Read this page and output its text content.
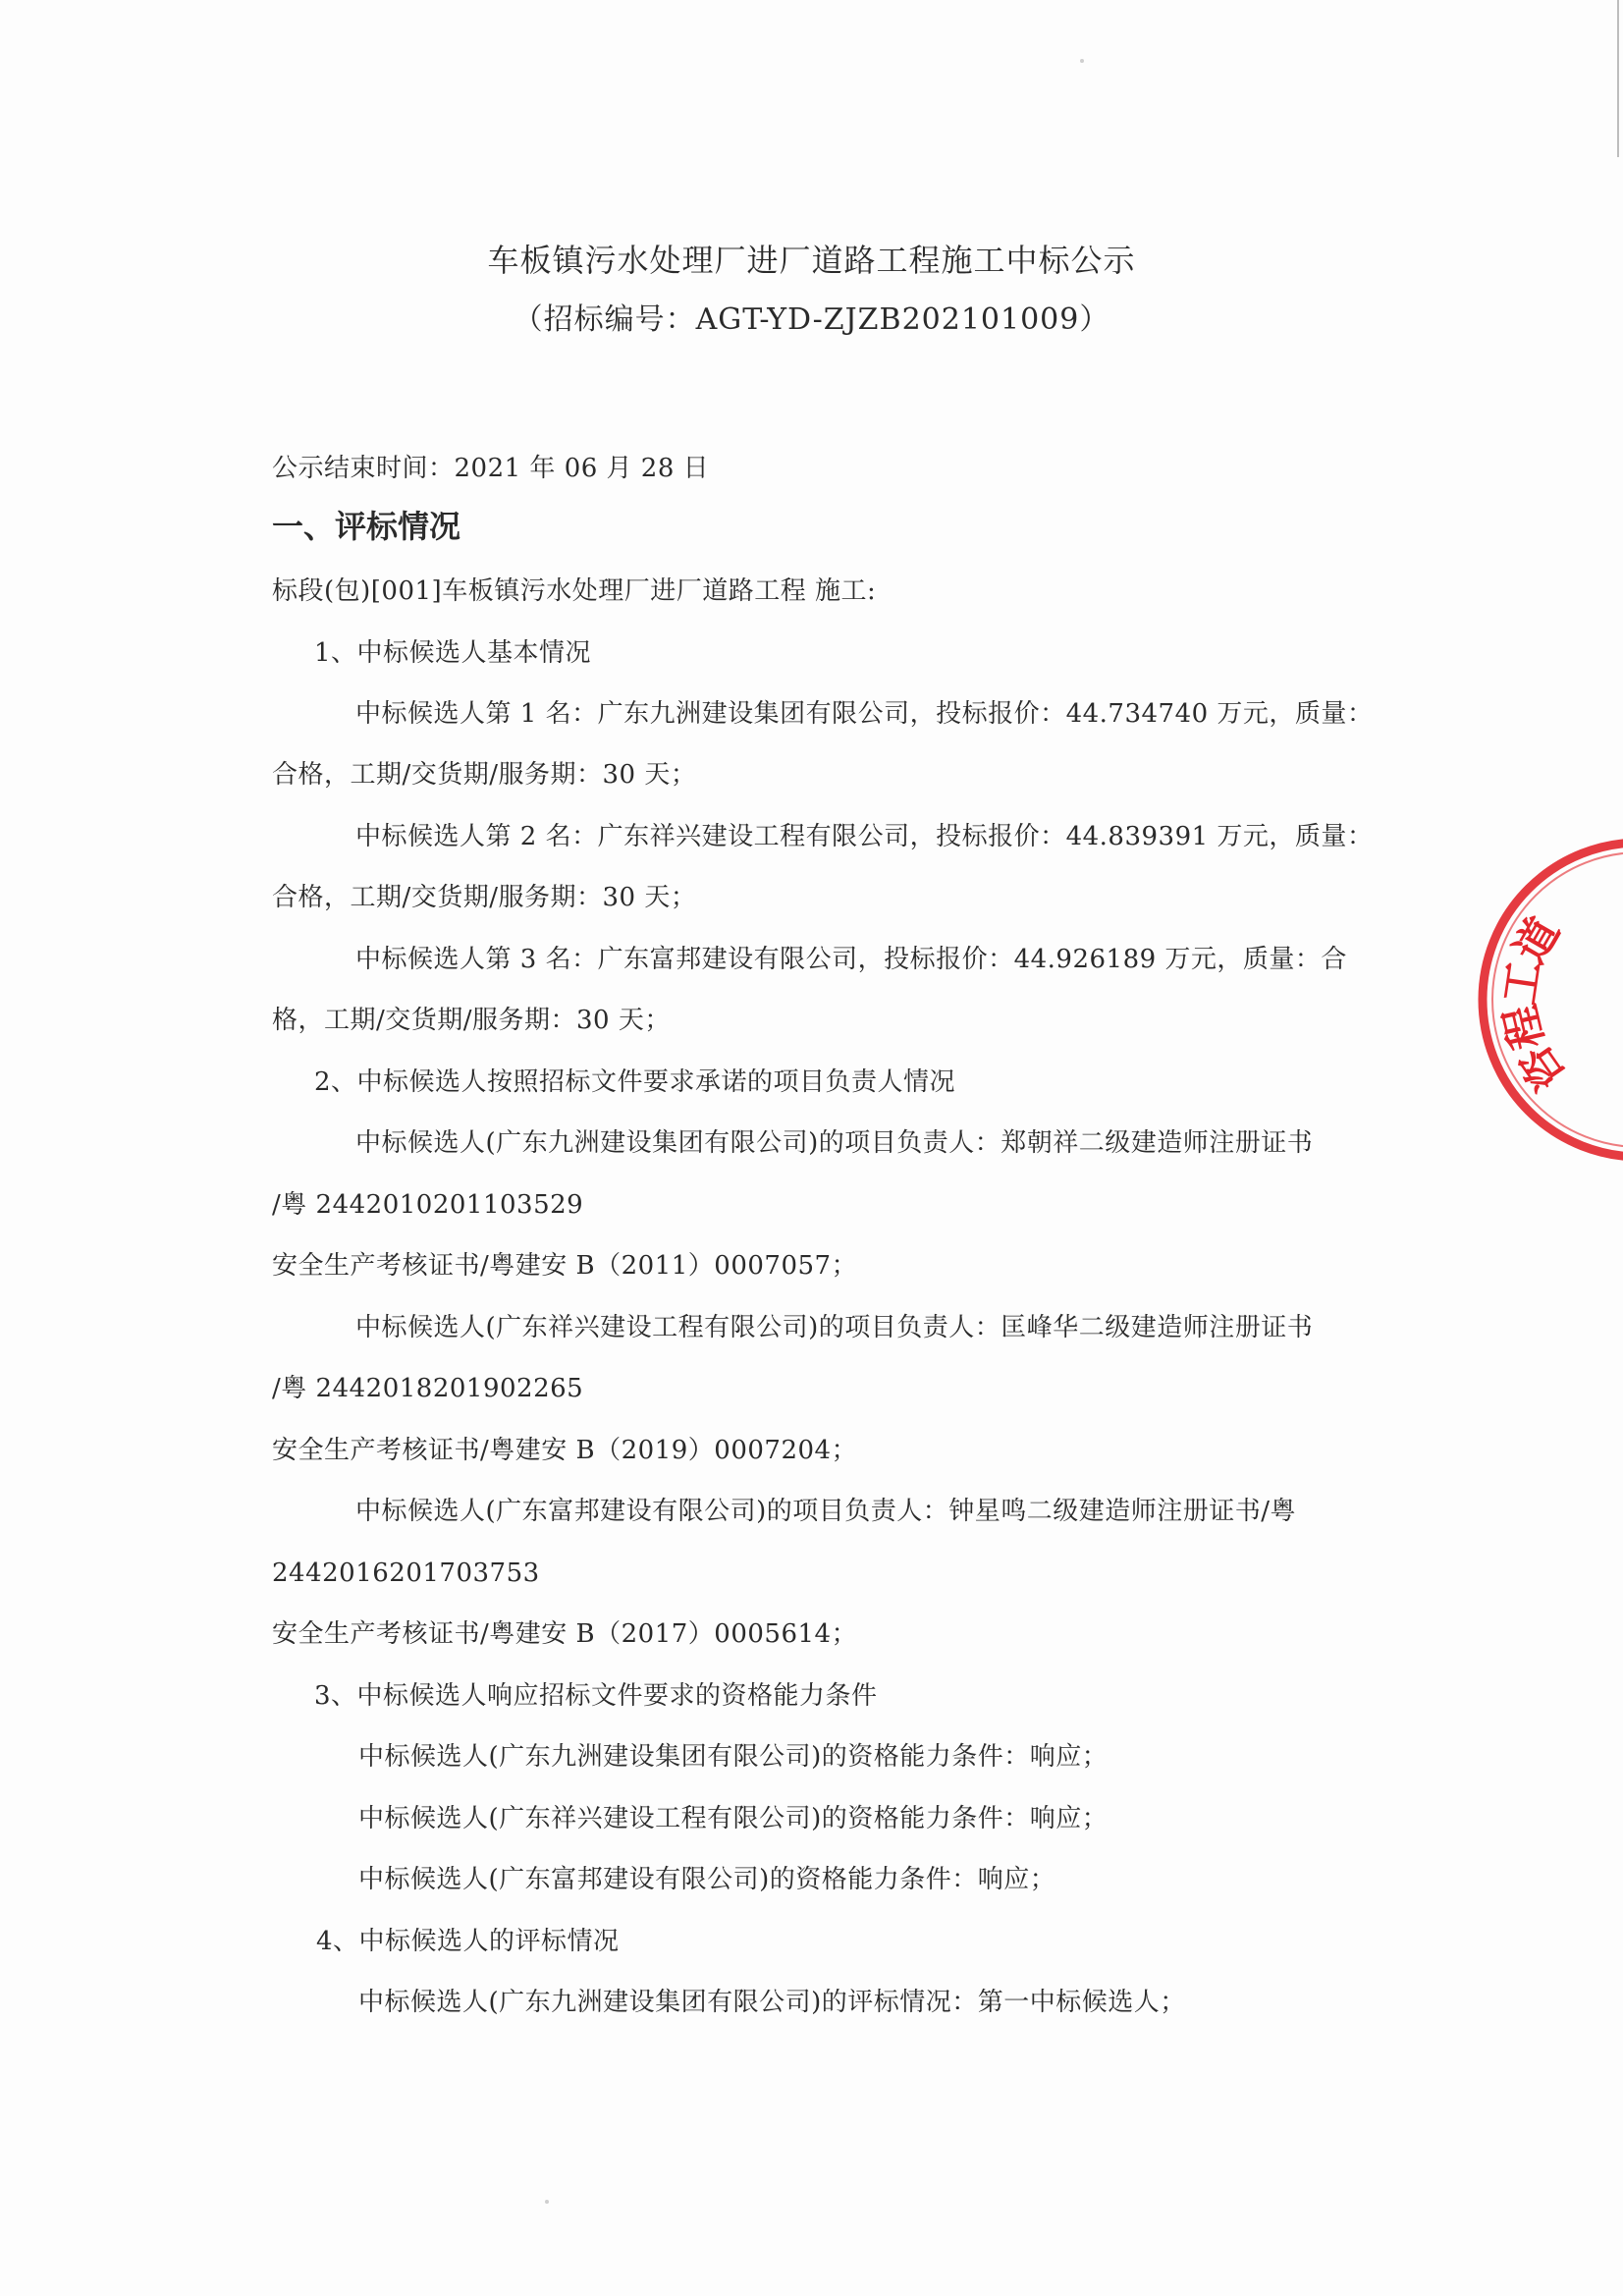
车板镇污水处理厂进厂道路工程施工中标公示
（招标编号：AGT-YD-ZJZB202101009）
公示结束时间：2021 年 06 月 28 日
一、评标情况
标段(包)[001]车板镇污水处理厂进厂道路工程 施工:
1、中标候选人基本情况
中标候选人第 1 名：广东九洲建设集团有限公司，投标报价：44.734740 万元，质量：
合格，工期/交货期/服务期：30 天；
中标候选人第 2 名：广东祥兴建设工程有限公司，投标报价：44.839391 万元，质量：
合格，工期/交货期/服务期：30 天；
中标候选人第 3 名：广东富邦建设有限公司，投标报价：44.926189 万元，质量：合
格，工期/交货期/服务期：30 天；
2、中标候选人按照招标文件要求承诺的项目负责人情况
中标候选人(广东九洲建设集团有限公司)的项目负责人：郑朝祥二级建造师注册证书
/粤 2442010201103529
安全生产考核证书/粤建安 B（2011）0007057；
中标候选人(广东祥兴建设工程有限公司)的项目负责人：匡峰华二级建造师注册证书
/粤 2442018201902265
安全生产考核证书/粤建安 B（2019）0007204；
中标候选人(广东富邦建设有限公司)的项目负责人：钟星鸣二级建造师注册证书/粤
2442016201703753
安全生产考核证书/粤建安 B（2017）0005614；
3、中标候选人响应招标文件要求的资格能力条件
中标候选人(广东九洲建设集团有限公司)的资格能力条件：响应；
中标候选人(广东祥兴建设工程有限公司)的资格能力条件：响应；
中标候选人(广东富邦建设有限公司)的资格能力条件：响应；
4、中标候选人的评标情况
中标候选人(广东九洲建设集团有限公司)的评标情况：第一中标候选人；
道
工
程
咨
